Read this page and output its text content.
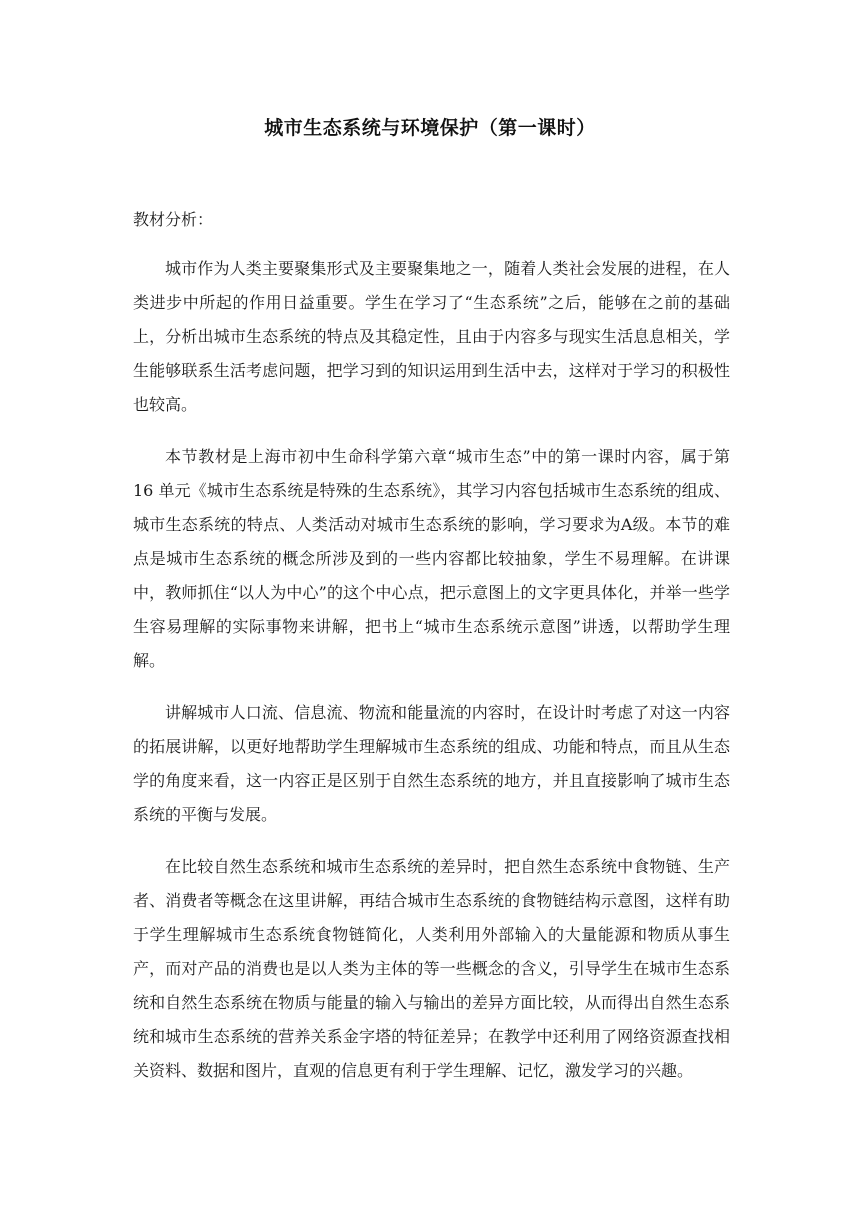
城市生态系统与环境保护（第一课时）
教材分析：

城市作为人类主要聚集形式及主要聚集地之一，随着人类社会发展的进程，在人类进步中所起的作用日益重要。学生在学习了“生态系统”之后，能够在之前的基础上，分析出城市生态系统的特点及其稳定性，且由于内容多与现实生活息息相关，学生能够联系生活考虑问题，把学习到的知识运用到生活中去，这样对于学习的积极性也较高。

本节教材是上海市初中生命科学第六章“城市生态”中的第一课时内容，属于第 16 单元《城市生态系统是特殊的生态系统》，其学习内容包括城市生态系统的组成、城市生态系统的特点、人类活动对城市生态系统的影响，学习要求为A级。本节的难点是城市生态系统的概念所涉及到的一些内容都比较抽象，学生不易理解。在讲课中，教师抓住“以人为中心”的这个中心点，把示意图上的文字更具体化，并举一些学生容易理解的实际事物来讲解，把书上“城市生态系统示意图”讲透，以帮助学生理解。

讲解城市人口流、信息流、物流和能量流的内容时，在设计时考虑了对这一内容的拓展讲解，以更好地帮助学生理解城市生态系统的组成、功能和特点，而且从生态学的角度来看，这一内容正是区别于自然生态系统的地方，并且直接影响了城市生态系统的平衡与发展。

在比较自然生态系统和城市生态系统的差异时，把自然生态系统中食物链、生产者、消费者等概念在这里讲解，再结合城市生态系统的食物链结构示意图，这样有助于学生理解城市生态系统食物链简化，人类利用外部输入的大量能源和物质从事生产，而对产品的消费也是以人类为主体的等一些概念的含义，引导学生在城市生态系统和自然生态系统在物质与能量的输入与输出的差异方面比较，从而得出自然生态系统和城市生态系统的营养关系金字塔的特征差异；在教学中还利用了网络资源查找相关资料、数据和图片，直观的信息更有利于学生理解、记忆，激发学习的兴趣。
